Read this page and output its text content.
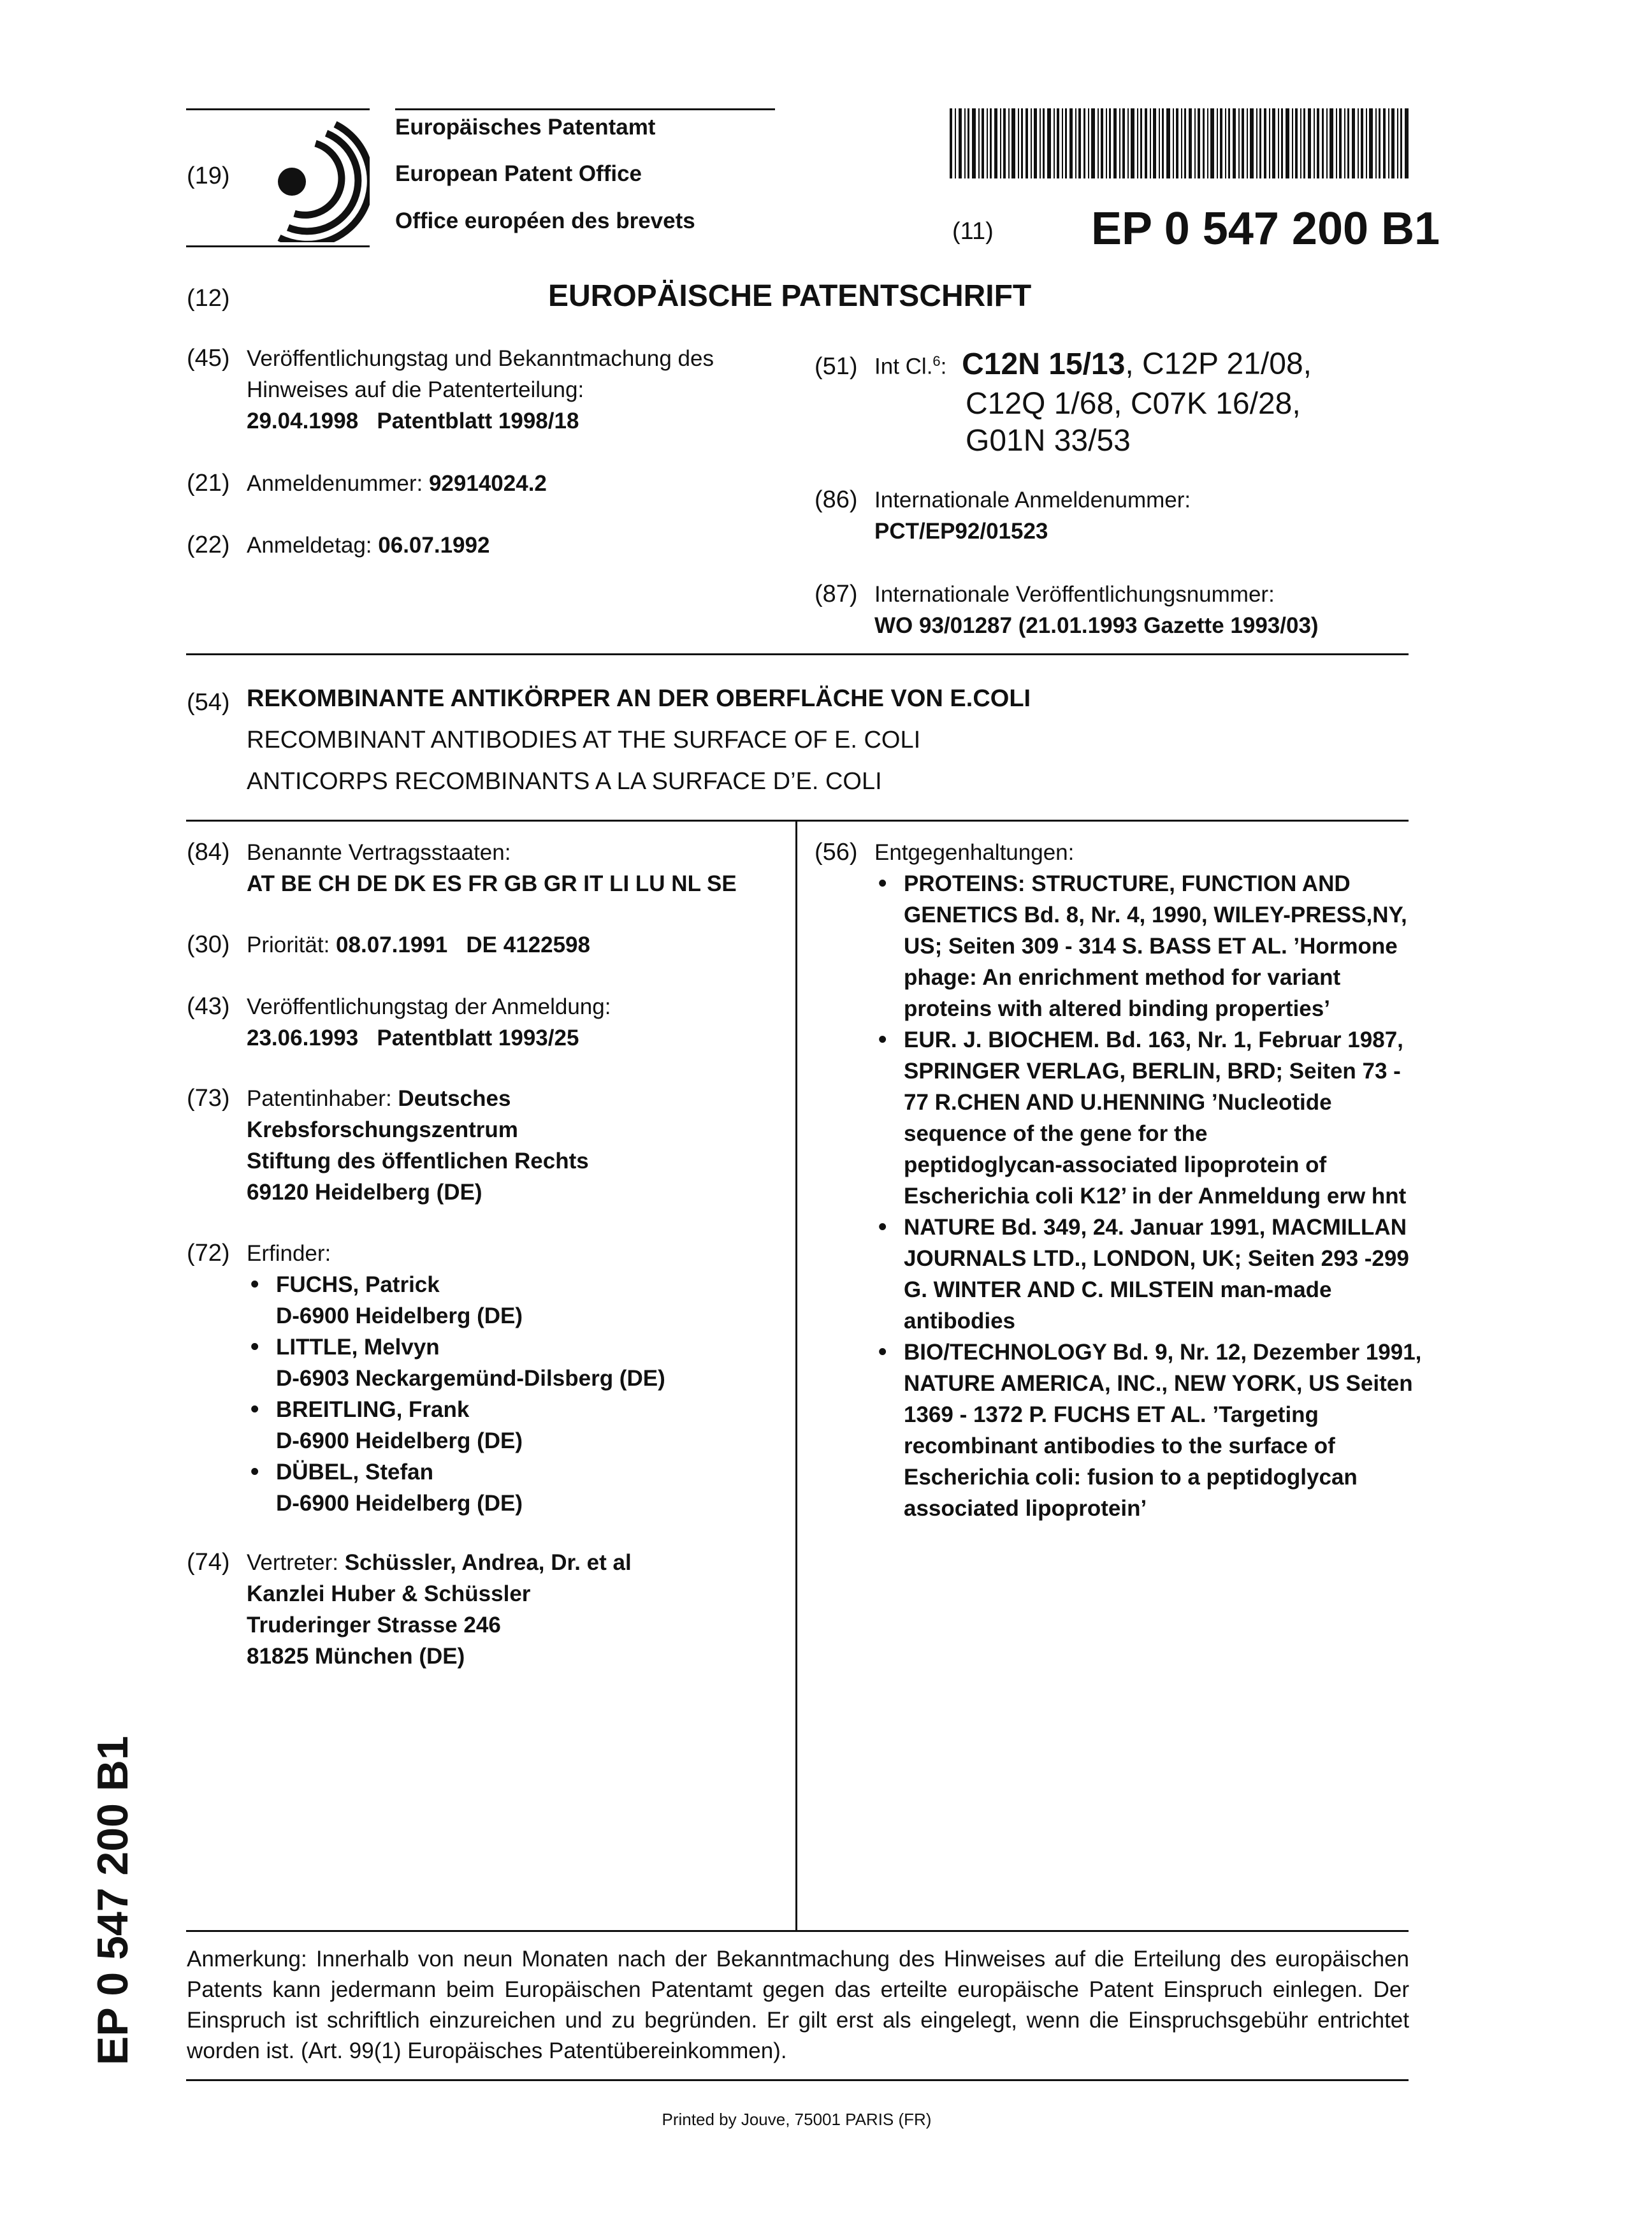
(19)
Europäisches Patentamt
European Patent Office
Office européen des brevets	(11) EP 0 547 200 B1
(12)	EUROPÄISCHE PATENTSCHRIFT
(45) Veröffentlichungstag und Bekanntmachung des Hinweises auf die Patenterteilung:
29.04.1998   Patentblatt 1998/18
(21) Anmeldenummer: 92914024.2
(22) Anmeldetag: 06.07.1992
(51) Int Cl.$^6$: C12N 15/13, C12P 21/08,
C12Q 1/68, C07K 16/28,
G01N 33/53
(86) Internationale Anmeldenummer:
PCT/EP92/01523
(87) Internationale Veröffentlichungsnummer:
WO 93/01287 (21.01.1993 Gazette 1993/03)
(54) REKOMBINANTE ANTIKÖRPER AN DER OBERFLÄCHE VON E.COLI
RECOMBINANT ANTIBODIES AT THE SURFACE OF E. COLI
ANTICORPS RECOMBINANTS A LA SURFACE D’E. COLI
(84) Benannte Vertragsstaaten:
AT BE CH DE DK ES FR GB GR IT LI LU NL SE
(30) Priorität: 08.07.1991   DE 4122598
(43) Veröffentlichungstag der Anmeldung:
23.06.1993   Patentblatt 1993/25
(73) Patentinhaber: Deutsches
Krebsforschungszentrum
Stiftung des öffentlichen Rechts
69120 Heidelberg (DE)
(72) Erfinder:
• FUCHS, Patrick
D-6900 Heidelberg (DE)
• LITTLE, Melvyn
D-6903 Neckargemünd-Dilsberg (DE)
• BREITLING, Frank
D-6900 Heidelberg (DE)
• DÜBEL, Stefan
D-6900 Heidelberg (DE)
(74) Vertreter: Schüssler, Andrea, Dr. et al
Kanzlei Huber & Schüssler
Truderinger Strasse 246
81825 München (DE)
(56) Entgegenhaltungen:
• PROTEINS: STRUCTURE, FUNCTION AND
GENETICS Bd. 8, Nr. 4, 1990, WILEY-PRESS,NY,
US; Seiten 309 - 314 S. BASS ET AL. ’Hormone
phage: An enrichment method for variant
proteins with altered binding properties’
• EUR. J. BIOCHEM. Bd. 163, Nr. 1, Februar 1987,
SPRINGER VERLAG, BERLIN, BRD; Seiten 73 -
77 R.CHEN AND U.HENNING ’Nucleotide
sequence of the gene for the
peptidoglycan-associated lipoprotein of
Escherichia coli K12’ in der Anmeldung erw hnt
• NATURE Bd. 349, 24. Januar 1991, MACMILLAN
JOURNALS LTD., LONDON, UK; Seiten 293 -299
G. WINTER AND C. MILSTEIN man-made
antibodies
• BIO/TECHNOLOGY Bd. 9, Nr. 12, Dezember 1991,
NATURE AMERICA, INC., NEW YORK, US Seiten
1369 - 1372 P. FUCHS ET AL. ’Targeting
recombinant antibodies to the surface of
Escherichia coli: fusion to a peptidoglycan
associated lipoprotein’
EP 0 547 200 B1 Anmerkung: Innerhalb von neun Monaten nach der Bekanntmachung des Hinweises auf die Erteilung des europäischen Patents kann jedermann beim Europäischen Patentamt gegen das erteilte europäische Patent Einspruch einlegen. Der Einspruch ist schriftlich einzureichen und zu begründen. Er gilt erst als eingelegt, wenn die Einspruchsgebühr entrichtet worden ist. (Art. 99(1) Europäisches Patentübereinkommen).
Printed by Jouve, 75001 PARIS (FR)
